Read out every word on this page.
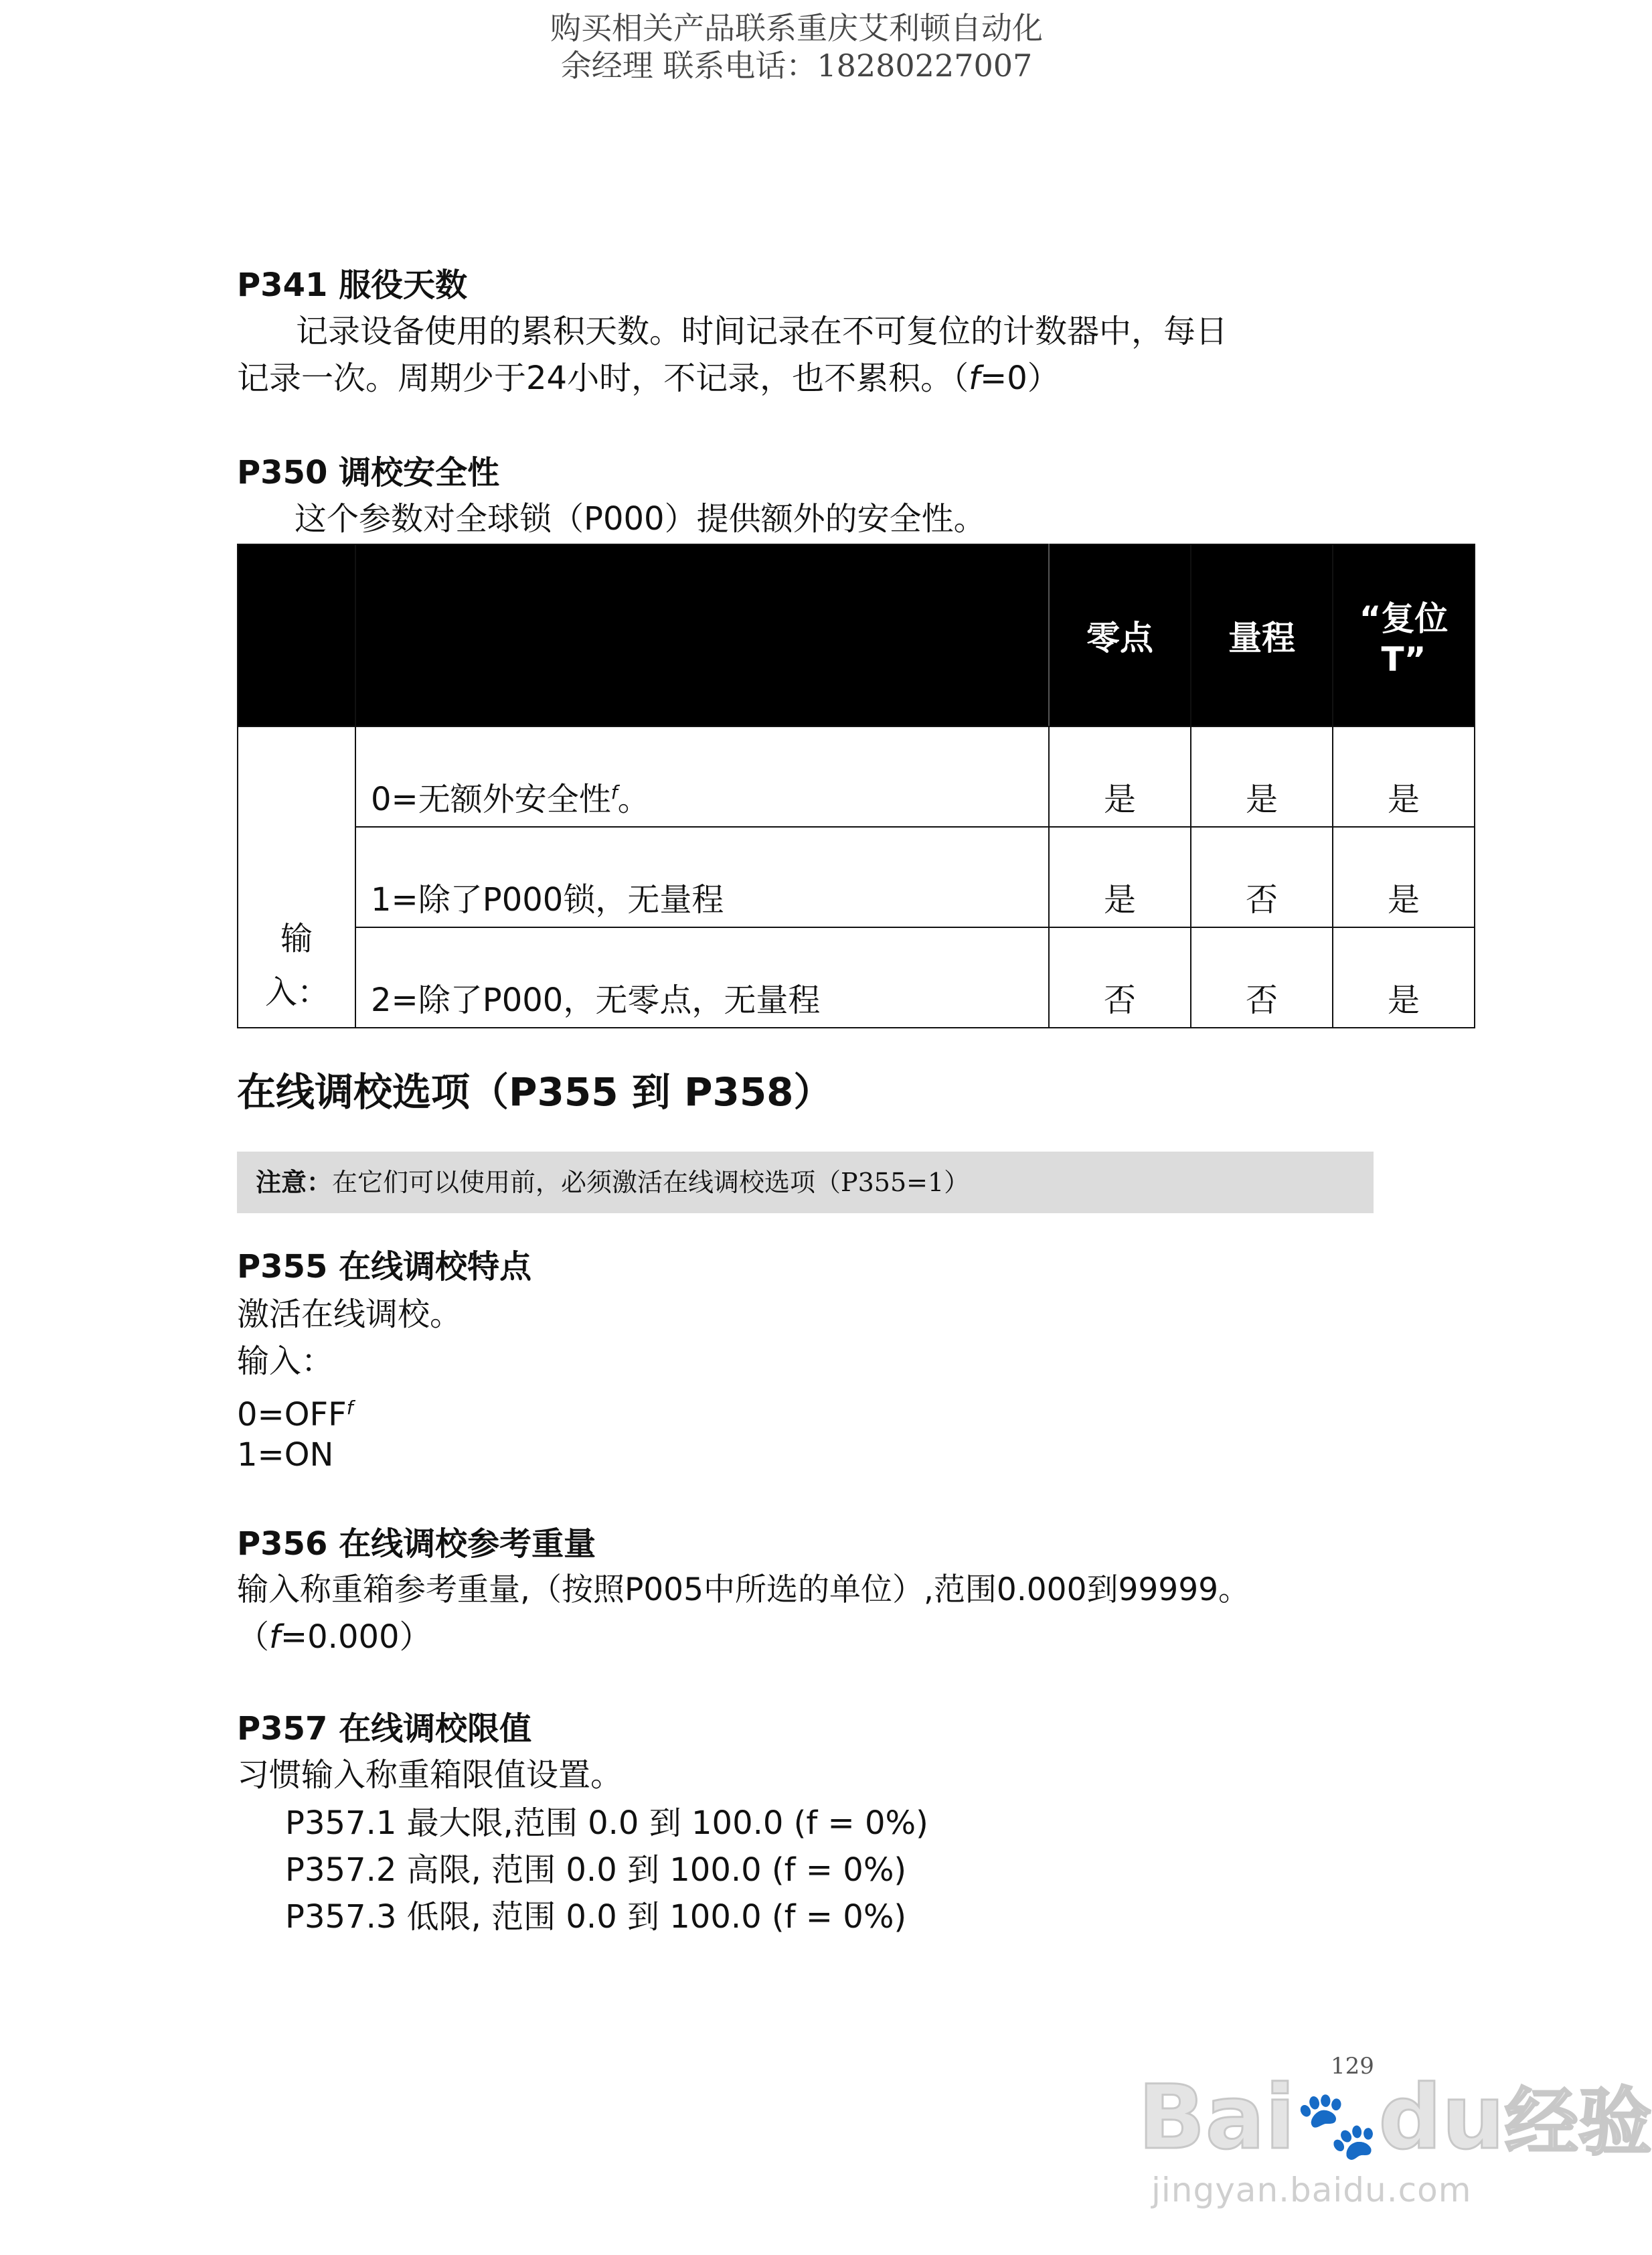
购买相关产品联系重庆艾利顿自动化
余经理 联系电话：18280227007
P341 服役天数
记录设备使用的累积天数。时间记录在不可复位的计数器中，每日
记录一次。周期少于24小时，不记录，也不累积。（f=0）
P350 调校安全性
这个参数对全球锁（P000）提供额外的安全性。
		零点	量程	“复位T”
输入：	0=无额外安全性$^f$。	是	是	是
	1=除了P000锁，无量程	是	否	是
	2=除了P000，无零点，无量程	否	否	是
在线调校选项（P355 到 P358）
注意：在它们可以使用前，必须激活在线调校选项（P355=1）
P355 在线调校特点
激活在线调校。
输入：
$0=OFF^f$
1=ON
P356 在线调校参考重量
输入称重箱参考重量,（按照P005中所选的单位）,范围0.000到99999。
（f=0.000）
P357 在线调校限值
习惯输入称重箱限值设置。
P357.1 最大限,范围 0.0 到 100.0 (f = 0%)
P357.2 高限, 范围 0.0 到 100.0 (f = 0%)
P357.3 低限, 范围 0.0 到 100.0 (f = 0%)
129
Bai🐾du经验
jingyan.baidu.com
